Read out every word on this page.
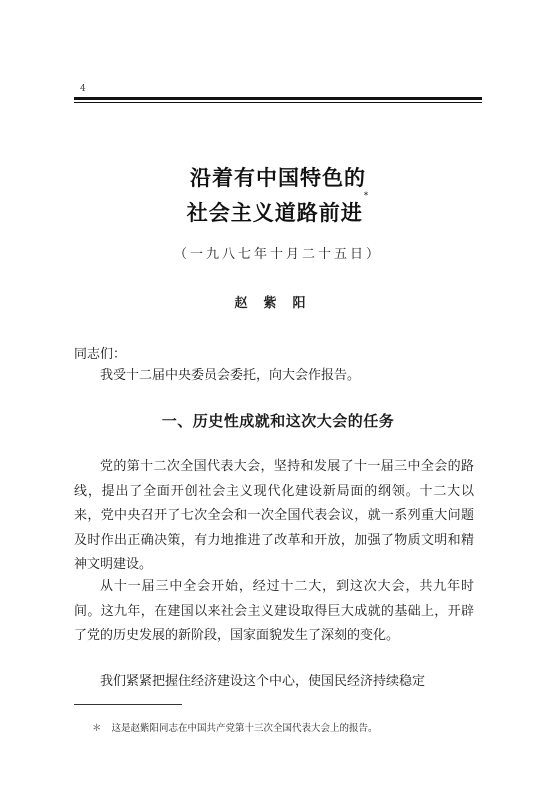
4
沿着有中国特色的
社会主义道路前进*
（一九八七年十月二十五日）
赵紫阳
同志们：
我受十二届中央委员会委托，向大会作报告。
一、历史性成就和这次大会的任务
党的第十二次全国代表大会，坚持和发展了十一届三中全会的路线，提出了全面开创社会主义现代化建设新局面的纲领。十二大以来，党中央召开了七次全会和一次全国代表会议，就一系列重大问题及时作出正确决策，有力地推进了改革和开放，加强了物质文明和精神文明建设。
从十一届三中全会开始，经过十二大，到这次大会，共九年时间。这九年，在建国以来社会主义建设取得巨大成就的基础上，开辟了党的历史发展的新阶段，国家面貌发生了深刻的变化。
我们紧紧把握住经济建设这个中心，使国民经济持续稳定
＊ 这是赵紫阳同志在中国共产党第十三次全国代表大会上的报告。
